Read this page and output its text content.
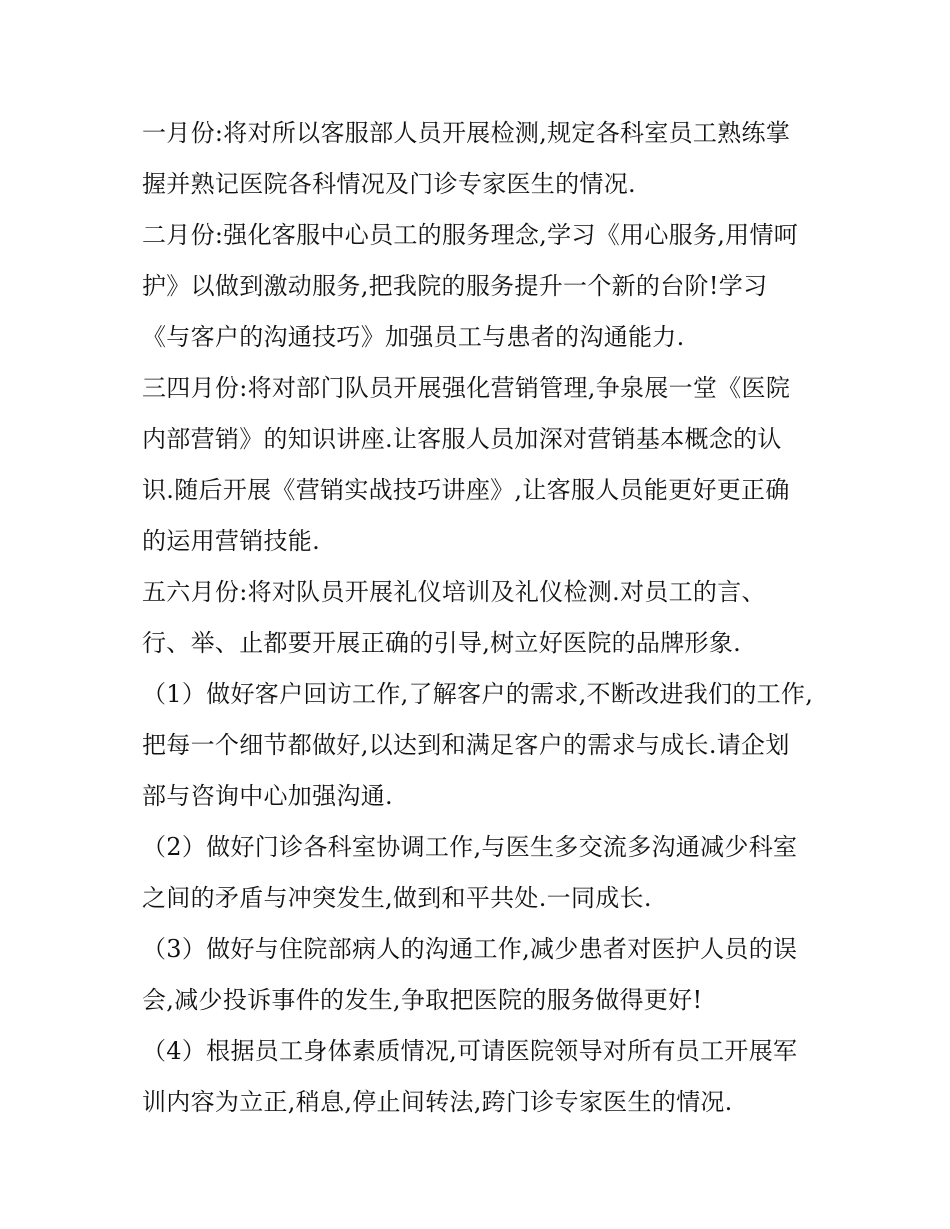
一月份:将对所以客服部人员开展检测,规定各科室员工熟练掌
握并熟记医院各科情况及门诊专家医生的情况.
二月份:强化客服中心员工的服务理念,学习《用心服务,用情呵
护》以做到激动服务,把我院的服务提升一个新的台阶!学习
《与客户的沟通技巧》加强员工与患者的沟通能力.
三四月份:将对部门队员开展强化营销管理,争泉展一堂《医院
内部营销》的知识讲座.让客服人员加深对营销基本概念的认
识.随后开展《营销实战技巧讲座》,让客服人员能更好更正确
的运用营销技能.
五六月份:将对队员开展礼仪培训及礼仪检测.对员工的言、
行、举、止都要开展正确的引导,树立好医院的品牌形象.
（1）做好客户回访工作,了解客户的需求,不断改进我们的工作,
把每一个细节都做好,以达到和满足客户的需求与成长.请企划
部与咨询中心加强沟通.
（2）做好门诊各科室协调工作,与医生多交流多沟通减少科室
之间的矛盾与冲突发生,做到和平共处.一同成长.
（3）做好与住院部病人的沟通工作,减少患者对医护人员的误
会,减少投诉事件的发生,争取把医院的服务做得更好!
（4）根据员工身体素质情况,可请医院领导对所有员工开展军
训内容为立正,稍息,停止间转法,跨门诊专家医生的情况.
